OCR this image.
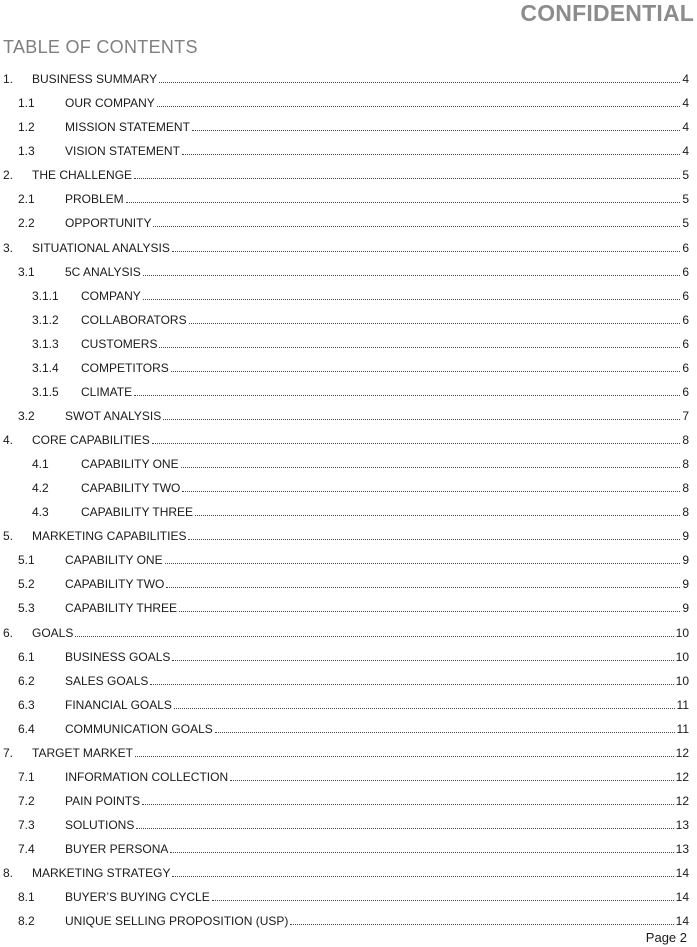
CONFIDENTIAL
TABLE OF CONTENTS
1. BUSINESS SUMMARY	4
1.1	OUR COMPANY	4
1.2	MISSION STATEMENT	4
1.3	VISION STATEMENT	4
2. THE CHALLENGE	5
2.1	PROBLEM	5
2.2	OPPORTUNITY	5
3. SITUATIONAL ANALYSIS	6
3.1	5C ANALYSIS	6
3.1.1 COMPANY	6
3.1.2 COLLABORATORS	6
3.1.3 CUSTOMERS	6
3.1.4 COMPETITORS	6
3.1.5 CLIMATE	6
3.2	SWOT ANALYSIS	7
4. CORE CAPABILITIES	8
4.1	CAPABILITY ONE	8
4.2	CAPABILITY TWO	8
4.3	CAPABILITY THREE	8
5. MARKETING CAPABILITIES	9
5.1	CAPABILITY ONE	9
5.2	CAPABILITY TWO	9
5.3	CAPABILITY THREE	9
6. GOALS	10
6.1	BUSINESS GOALS	10
6.2	SALES GOALS	10
6.3	FINANCIAL GOALS	11
6.4	COMMUNICATION GOALS	11
7. TARGET MARKET	12
7.1	INFORMATION COLLECTION	12
7.2	PAIN POINTS	12
7.3	SOLUTIONS	13
7.4	BUYER PERSONA	13
8. MARKETING STRATEGY	14
8.1	BUYER’S BUYING CYCLE	14
8.2	UNIQUE SELLING PROPOSITION (USP)	14
Page 2
